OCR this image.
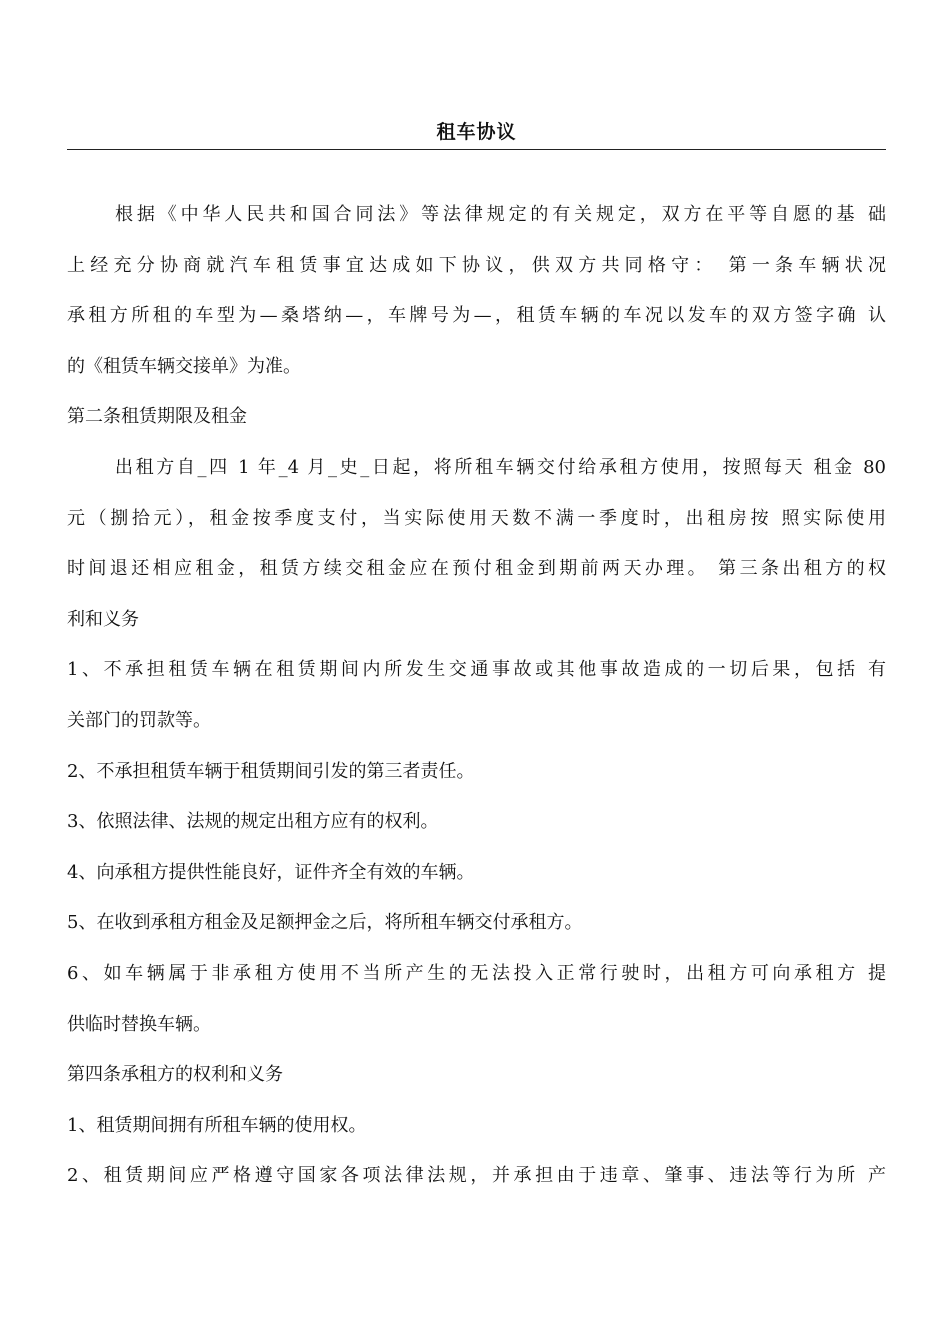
租车协议
根据《中华人民共和国合同法》等法律规定的有关规定，双方在平等自愿的基 础
上经充分协商就汽车租赁事宜达成如下协议，供双方共同格守： 第一条车辆状况
承租方所租的车型为—桑塔纳—，车牌号为—，租赁车辆的车况以发车的双方签字确 认
的《租赁车辆交接单》为准。
第二条租赁期限及租金
出租方自_四 1 年_4 月_史_日起，将所租车辆交付给承租方使用，按照每天 租金 80
元（捌拾元），租金按季度支付，当实际使用天数不满一季度时，出租房按 照实际使用
时间退还相应租金，租赁方续交租金应在预付租金到期前两天办理。 第三条出租方的权
利和义务
1、不承担租赁车辆在租赁期间内所发生交通事故或其他事故造成的一切后果，包括 有
关部门的罚款等。
2、不承担租赁车辆于租赁期间引发的第三者责任。
3、依照法律、法规的规定出租方应有的权利。
4、向承租方提供性能良好，证件齐全有效的车辆。
5、在收到承租方租金及足额押金之后，将所租车辆交付承租方。
6、如车辆属于非承租方使用不当所产生的无法投入正常行驶时，出租方可向承租方 提
供临时替换车辆。
第四条承租方的权利和义务
1、租赁期间拥有所租车辆的使用权。
2、租赁期间应严格遵守国家各项法律法规，并承担由于违章、肇事、违法等行为所 产
